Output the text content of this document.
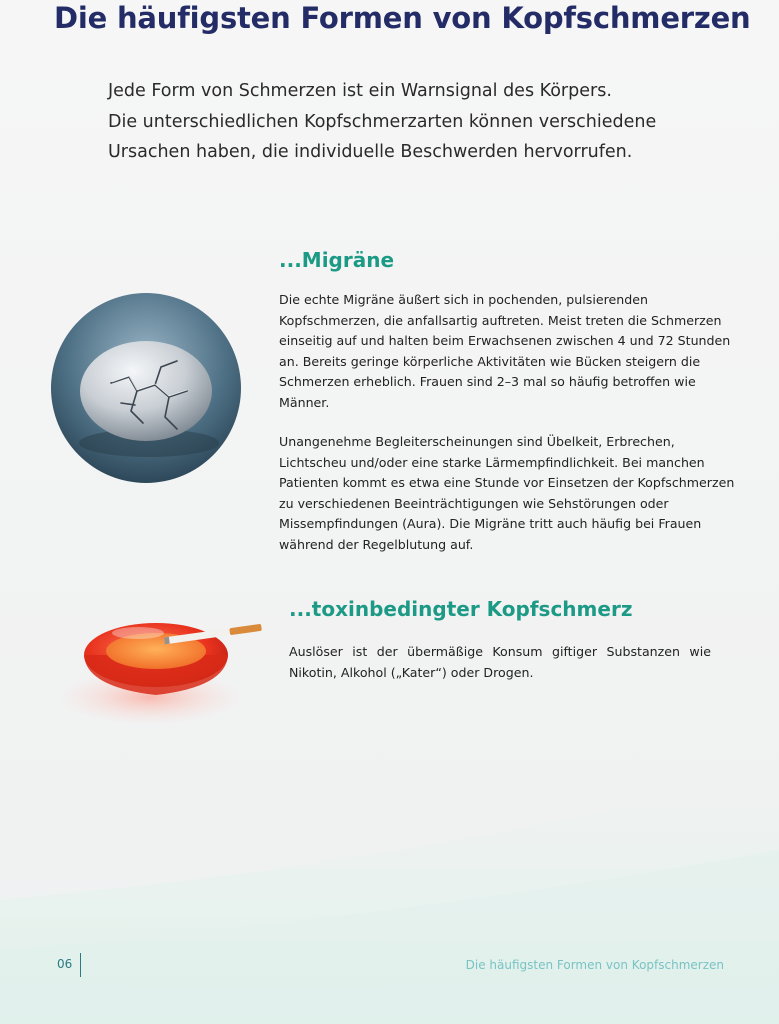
Die häufigsten Formen von Kopfschmerzen

Jede Form von Schmerzen ist ein Warnsignal des Körpers.
Die unterschiedlichen Kopfschmerzarten können verschiedene
Ursachen haben, die individuelle Beschwerden hervorrufen.

...Migräne

Die echte Migräne äußert sich in pochenden, pulsierenden
Kopfschmerzen, die anfallsartig auftreten. Meist treten die Schmerzen
einseitig auf und halten beim Erwachsenen zwischen 4 und 72 Stunden
an. Bereits geringe körperliche Aktivitäten wie Bücken steigern die
Schmerzen erheblich. Frauen sind 2–3 mal so häufig betroffen wie
Männer.

Unangenehme Begleiterscheinungen sind Übelkeit, Erbrechen,
Lichtscheu und/oder eine starke Lärmempfindlichkeit. Bei manchen
Patienten kommt es etwa eine Stunde vor Einsetzen der Kopfschmerzen
zu verschiedenen Beeinträchtigungen wie Sehstörungen oder
Missempfindungen (Aura). Die Migräne tritt auch häufig bei Frauen
während der Regelblutung auf.

...toxinbedingter Kopfschmerz

Auslöser ist der übermäßige Konsum giftiger Substanzen wie
Nikotin, Alkohol („Kater“) oder Drogen.

06	Die häufigsten Formen von Kopfschmerzen
